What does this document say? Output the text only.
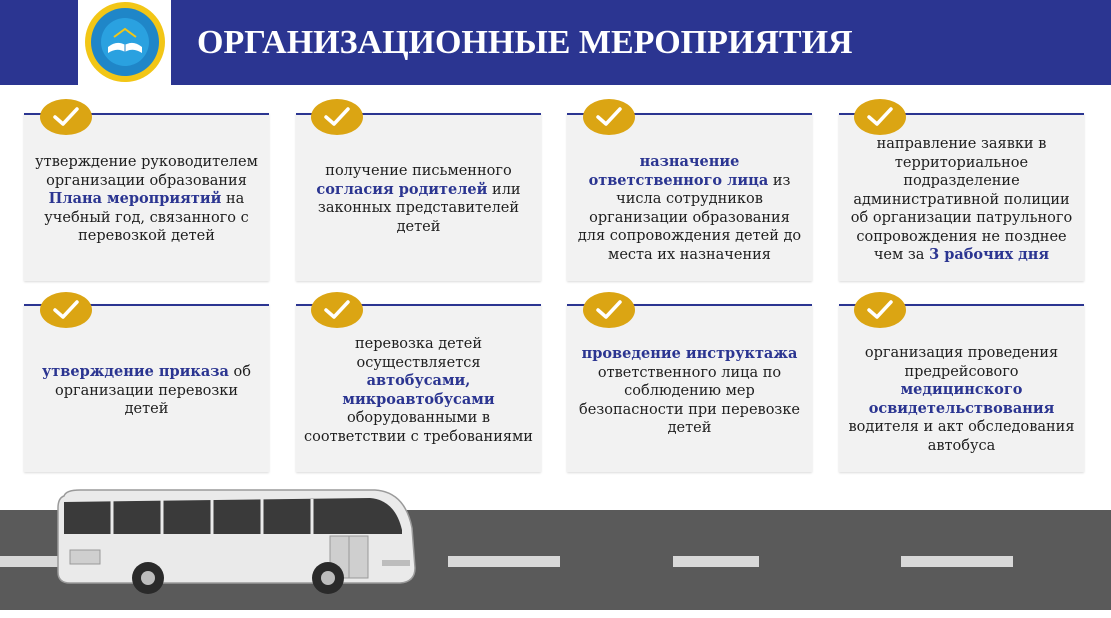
ОРГАНИЗАЦИОННЫЕ МЕРОПРИЯТИЯ
утверждение руководителем организации образования Плана мероприятий на учебный год, связанного с перевозкой детей
получение письменного согласия родителей или законных представителей детей
назначение ответственного лица из числа сотрудников организации образования для сопровождения детей до места их назначения
направление заявки в территориальное подразделение административной полиции об организации патрульного сопровождения не позднее чем за 3 рабочих дня
утверждение приказа об организации перевозки детей
перевозка детей осуществляется автобусами, микроавтобусами оборудованными в соответствии с требованиями
проведение инструктажа ответственного лица по соблюдению мер безопасности при перевозке детей
организация проведения предрейсового медицинского освидетельствования водителя и акт обследования автобуса
